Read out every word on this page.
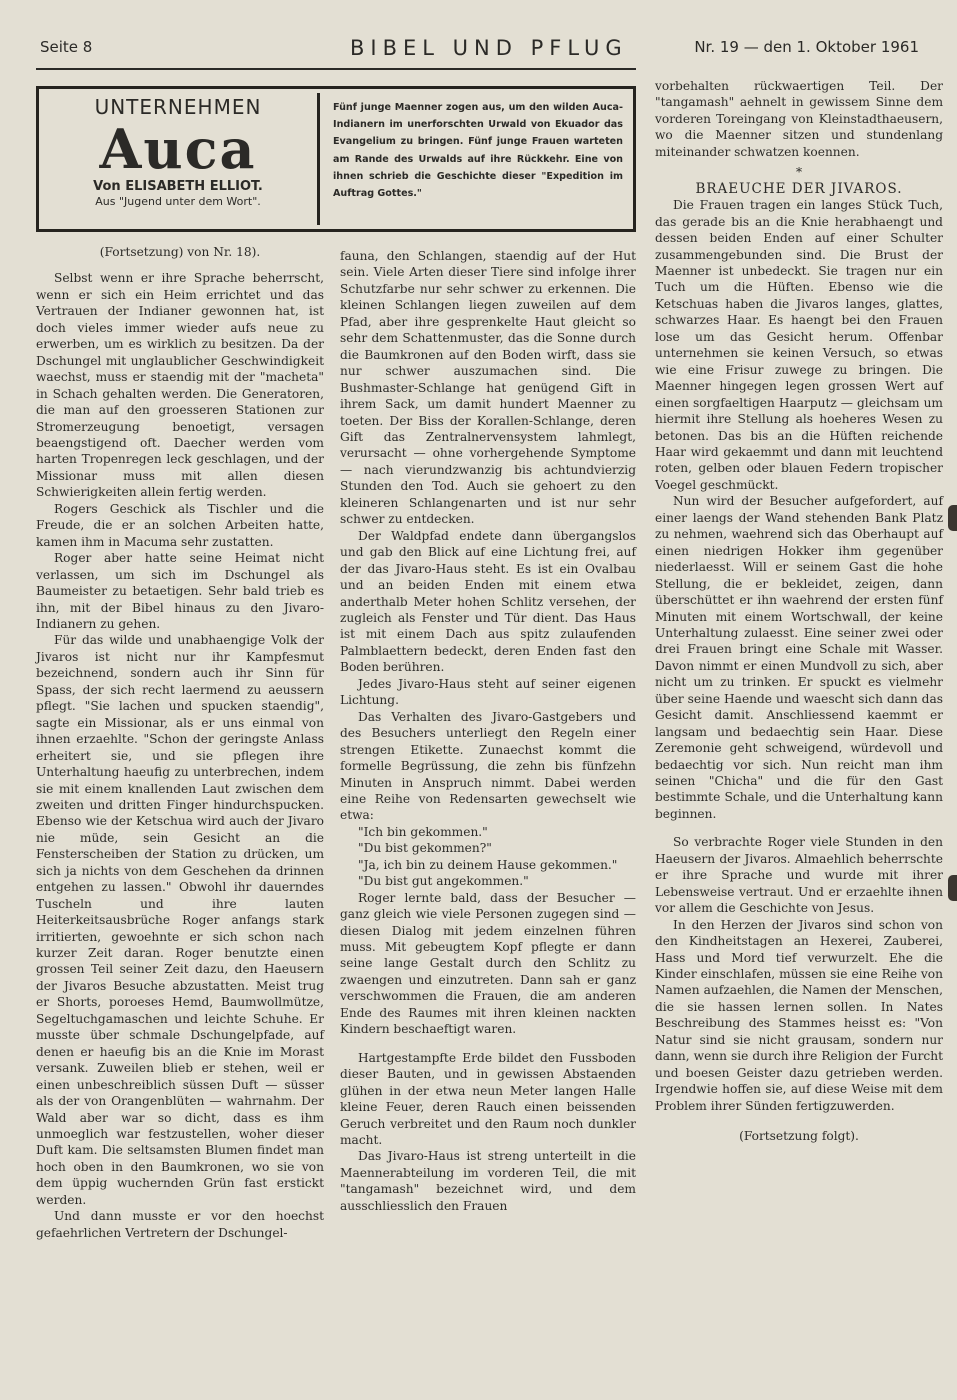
Seite 8	BIBEL UND PFLUG	Nr. 19 — den 1. Oktober 1961
UNTERNEHMEN
Auca
Von ELISABETH ELLIOT.
Aus "Jugend unter dem Wort".
Fünf junge Maenner zogen aus, um den wilden Auca-Indianern im unerforschten Urwald von Ekuador das Evangelium zu bringen. Fünf junge Frauen warteten am Rande des Urwalds auf ihre Rückkehr. Eine von ihnen schrieb die Geschichte dieser "Expedition im Auftrag Gottes."

(Fortsetzung) von Nr. 18).

Selbst wenn er ihre Sprache beherrscht, wenn er sich ein Heim errichtet und das Vertrauen der Indianer gewonnen hat, ist doch vieles immer wieder aufs neue zu erwerben, um es wirklich zu besitzen. Da der Dschungel mit unglaublicher Geschwindigkeit waechst, muss er staendig mit der "macheta" in Schach gehalten werden. Die Generatoren, die man auf den groesseren Stationen zur Stromerzeugung benoetigt, versagen beaengstigend oft. Daecher werden vom harten Tropenregen leck geschlagen, und der Missionar muss mit allen diesen Schwierigkeiten allein fertig werden.

Rogers Geschick als Tischler und die Freude, die er an solchen Arbeiten hatte, kamen ihm in Macuma sehr zustatten.

Roger aber hatte seine Heimat nicht verlassen, um sich im Dschungel als Baumeister zu betaetigen. Sehr bald trieb es ihn, mit der Bibel hinaus zu den Jivaro-Indianern zu gehen.

Für das wilde und unabhaengige Volk der Jivaros ist nicht nur ihr Kampfesmut bezeichnend, sondern auch ihr Sinn für Spass, der sich recht laermend zu aeussern pflegt. "Sie lachen und spucken staendig", sagte ein Missionar, als er uns einmal von ihnen erzaehlte. "Schon der geringste Anlass erheitert sie, und sie pflegen ihre Unterhaltung haeufig zu unterbrechen, indem sie mit einem knallenden Laut zwischen dem zweiten und dritten Finger hindurchspucken. Ebenso wie der Ketschua wird auch der Jivaro nie müde, sein Gesicht an die Fensterscheiben der Station zu drücken, um sich ja nichts von dem Geschehen da drinnen entgehen zu lassen." Obwohl ihr dauerndes Tuscheln und ihre lauten Heiterkeitsausbrüche Roger anfangs stark irritierten, gewoehnte er sich schon nach kurzer Zeit daran. Roger benutzte einen grossen Teil seiner Zeit dazu, den Haeusern der Jivaros Besuche abzustatten. Meist trug er Shorts, poroeses Hemd, Baumwollmütze, Segeltuchgamaschen und leichte Schuhe. Er musste über schmale Dschungelpfade, auf denen er haeufig bis an die Knie im Morast versank. Zuweilen blieb er stehen, weil er einen unbeschreiblich süssen Duft — süsser als der von Orangenblüten — wahrnahm. Der Wald aber war so dicht, dass es ihm unmoeglich war festzustellen, woher dieser Duft kam. Die seltsamsten Blumen findet man hoch oben in den Baumkronen, wo sie von dem üppig wuchernden Grün fast erstickt werden.

Und dann musste er vor den hoechst gefaehrlichen Vertretern der Dschungel-

fauna, den Schlangen, staendig auf der Hut sein. Viele Arten dieser Tiere sind infolge ihrer Schutzfarbe nur sehr schwer zu erkennen. Die kleinen Schlangen liegen zuweilen auf dem Pfad, aber ihre gesprenkelte Haut gleicht so sehr dem Schattenmuster, das die Sonne durch die Baumkronen auf den Boden wirft, dass sie nur schwer auszumachen sind. Die Bushmaster-Schlange hat genügend Gift in ihrem Sack, um damit hundert Maenner zu toeten. Der Biss der Korallen-Schlange, deren Gift das Zentralnervensystem lahmlegt, verursacht — ohne vorhergehende Symptome — nach vierundzwanzig bis achtundvierzig Stunden den Tod. Auch sie gehoert zu den kleineren Schlangenarten und ist nur sehr schwer zu entdecken.

Der Waldpfad endete dann übergangslos und gab den Blick auf eine Lichtung frei, auf der das Jivaro-Haus steht. Es ist ein Ovalbau und an beiden Enden mit einem etwa anderthalb Meter hohen Schlitz versehen, der zugleich als Fenster und Tür dient. Das Haus ist mit einem Dach aus spitz zulaufenden Palmblaettern bedeckt, deren Enden fast den Boden berühren.

Jedes Jivaro-Haus steht auf seiner eigenen Lichtung.

Das Verhalten des Jivaro-Gastgebers und des Besuchers unterliegt den Regeln einer strengen Etikette. Zunaechst kommt die formelle Begrüssung, die zehn bis fünfzehn Minuten in Anspruch nimmt. Dabei werden eine Reihe von Redensarten gewechselt wie etwa:

"Ich bin gekommen."

"Du bist gekommen?"

"Ja, ich bin zu deinem Hause gekommen."

"Du bist gut angekommen."

Roger lernte bald, dass der Besucher — ganz gleich wie viele Personen zugegen sind — diesen Dialog mit jedem einzelnen führen muss. Mit gebeugtem Kopf pflegte er dann seine lange Gestalt durch den Schlitz zu zwaengen und einzutreten. Dann sah er ganz verschwommen die Frauen, die am anderen Ende des Raumes mit ihren kleinen nackten Kindern beschaeftigt waren.

Hartgestampfte Erde bildet den Fussboden dieser Bauten, und in gewissen Abstaenden glühen in der etwa neun Meter langen Halle kleine Feuer, deren Rauch einen beissenden Geruch verbreitet und den Raum noch dunkler macht.

Das Jivaro-Haus ist streng unterteilt in die Maennerabteilung im vorderen Teil, die mit "tangamash" bezeichnet wird, und dem ausschliesslich den Frauen

vorbehalten rückwaertigen Teil. Der "tangamash" aehnelt in gewissem Sinne dem vorderen Toreingang von Kleinstadthaeusern, wo die Maenner sitzen und stundenlang miteinander schwatzen koennen.

*

BRAEUCHE DER JIVAROS.

Die Frauen tragen ein langes Stück Tuch, das gerade bis an die Knie herabhaengt und dessen beiden Enden auf einer Schulter zusammengebunden sind. Die Brust der Maenner ist unbedeckt. Sie tragen nur ein Tuch um die Hüften. Ebenso wie die Ketschuas haben die Jivaros langes, glattes, schwarzes Haar. Es haengt bei den Frauen lose um das Gesicht herum. Offenbar unternehmen sie keinen Versuch, so etwas wie eine Frisur zuwege zu bringen. Die Maenner hingegen legen grossen Wert auf einen sorgfaeltigen Haarputz — gleichsam um hiermit ihre Stellung als hoeheres Wesen zu betonen. Das bis an die Hüften reichende Haar wird gekaemmt und dann mit leuchtend roten, gelben oder blauen Federn tropischer Voegel geschmückt.

Nun wird der Besucher aufgefordert, auf einer laengs der Wand stehenden Bank Platz zu nehmen, waehrend sich das Oberhaupt auf einen niedrigen Hokker ihm gegenüber niederlaesst. Will er seinem Gast die hohe Stellung, die er bekleidet, zeigen, dann überschüttet er ihn waehrend der ersten fünf Minuten mit einem Wortschwall, der keine Unterhaltung zulaesst. Eine seiner zwei oder drei Frauen bringt eine Schale mit Wasser. Davon nimmt er einen Mundvoll zu sich, aber nicht um zu trinken. Er spuckt es vielmehr über seine Haende und waescht sich dann das Gesicht damit. Anschliessend kaemmt er langsam und bedaechtig sein Haar. Diese Zeremonie geht schweigend, würdevoll und bedaechtig vor sich. Nun reicht man ihm seinen "Chicha" und die für den Gast bestimmte Schale, und die Unterhaltung kann beginnen.

So verbrachte Roger viele Stunden in den Haeusern der Jivaros. Almaehlich beherrschte er ihre Sprache und wurde mit ihrer Lebensweise vertraut. Und er erzaehlte ihnen vor allem die Geschichte von Jesus.

In den Herzen der Jivaros sind schon von den Kindheitstagen an Hexerei, Zauberei, Hass und Mord tief verwurzelt. Ehe die Kinder einschlafen, müssen sie eine Reihe von Namen aufzaehlen, die Namen der Menschen, die sie hassen lernen sollen. In Nates Beschreibung des Stammes heisst es: "Von Natur sind sie nicht grausam, sondern nur dann, wenn sie durch ihre Religion der Furcht und boesen Geister dazu getrieben werden. Irgendwie hoffen sie, auf diese Weise mit dem Problem ihrer Sünden fertigzuwerden.

(Fortsetzung folgt).
